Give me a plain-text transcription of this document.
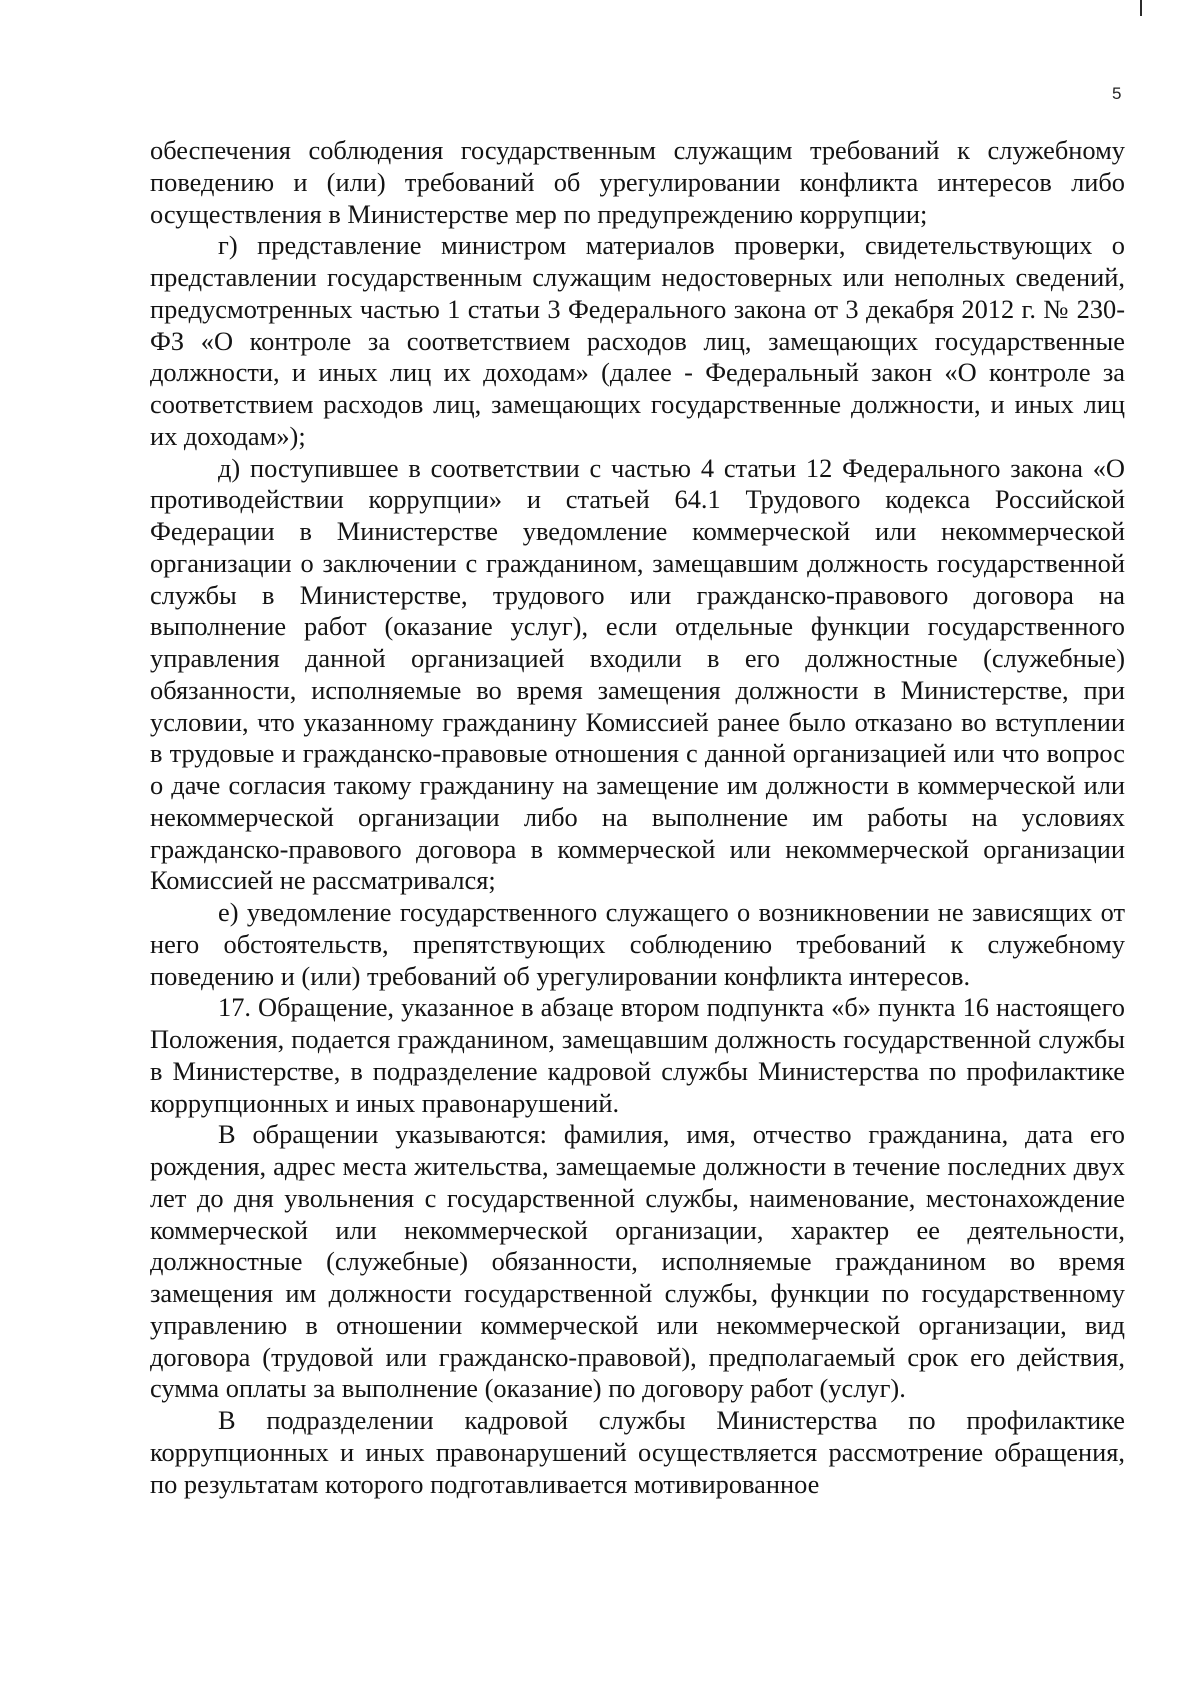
5

обеспечения соблюдения государственным служащим требований к служебному поведению и (или) требований об урегулировании конфликта интересов либо осуществления в Министерстве мер по предупреждению коррупции;

г) представление министром материалов проверки, свидетельствующих о представлении государственным служащим недостоверных или неполных сведений, предусмотренных частью 1 статьи 3 Федерального закона от 3 декабря 2012 г. № 230-ФЗ «О контроле за соответствием расходов лиц, замещающих государственные должности, и иных лиц их доходам» (далее - Федеральный закон «О контроле за соответствием расходов лиц, замещающих государственные должности, и иных лиц их доходам»);

д) поступившее в соответствии с частью 4 статьи 12 Федерального закона «О противодействии коррупции» и статьей 64.1 Трудового кодекса Российской Федерации в Министерстве уведомление коммерческой или некоммерческой организации о заключении с гражданином, замещавшим должность государственной службы в Министерстве, трудового или гражданско-правового договора на выполнение работ (оказание услуг), если отдельные функции государственного управления данной организацией входили в его должностные (служебные) обязанности, исполняемые во время замещения должности в Министерстве, при условии, что указанному гражданину Комиссией ранее было отказано во вступлении в трудовые и гражданско-правовые отношения с данной организацией или что вопрос о даче согласия такому гражданину на замещение им должности в коммерческой или некоммерческой организации либо на выполнение им работы на условиях гражданско-правового договора в коммерческой или некоммерческой организации Комиссией не рассматривался;

е) уведомление государственного служащего о возникновении не зависящих от него обстоятельств, препятствующих соблюдению требований к служебному поведению и (или) требований об урегулировании конфликта интересов.

17. Обращение, указанное в абзаце втором подпункта «б» пункта 16 настоящего Положения, подается гражданином, замещавшим должность государственной службы в Министерстве, в подразделение кадровой службы Министерства по профилактике коррупционных и иных правонарушений.

В обращении указываются: фамилия, имя, отчество гражданина, дата его рождения, адрес места жительства, замещаемые должности в течение последних двух лет до дня увольнения с государственной службы, наименование, местонахождение коммерческой или некоммерческой организации, характер ее деятельности, должностные (служебные) обязанности, исполняемые гражданином во время замещения им должности государственной службы, функции по государственному управлению в отношении коммерческой или некоммерческой организации, вид договора (трудовой или гражданско-правовой), предполагаемый срок его действия, сумма оплаты за выполнение (оказание) по договору работ (услуг).

В подразделении кадровой службы Министерства по профилактике коррупционных и иных правонарушений осуществляется рассмотрение обращения, по результатам которого подготавливается мотивированное
